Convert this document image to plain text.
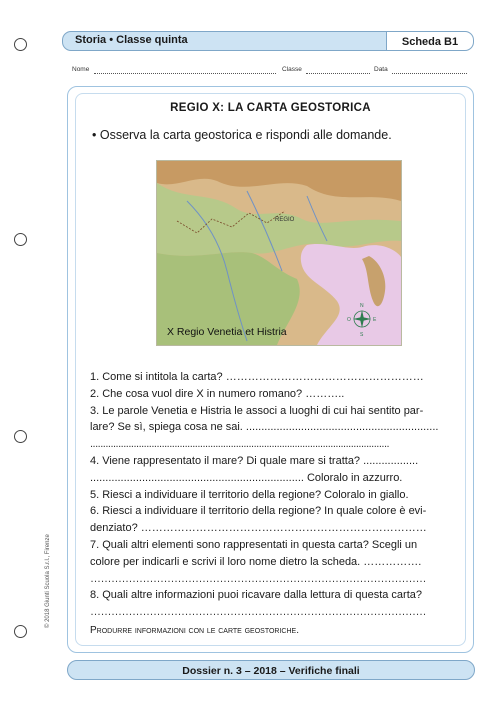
Storia • Classe quinta	Scheda B1
Nome	Classe	Data
REGIO X: LA CARTA GEOSTORICA
• Osserva la carta geostorica e rispondi alle domande.
REGIO
N
S
E
O
X Regio Venetia et Histria
1. Come si intitola la carta? ………………………………………………
2. Che cosa vuol dire X in numero romano? ………..
3. Le parole Venetia e Histria le associ a luoghi di cui hai sentito par-
lare? Se sì, spiega cosa ne sai. ...............................................................
.....................................................................................................................
4. Viene rappresentato il mare? Di quale mare si tratta? ..................
...................................................................... Coloralo in azzurro.
5. Riesci a individuare il territorio della regione? Coloralo in giallo.
6. Riesci a individuare il territorio della regione? In quale colore è evi-
denziato? ……………………………………………………………………
7. Quali altri elementi sono rappresentati in questa carta? Scegli un
colore per indicarli e scrivi il loro nome dietro la scheda. …………….
……………………………………………………………………………………
8. Quali altre informazioni puoi ricavare dalla lettura di questa carta?
……………………………………………………………………………………
Produrre informazioni con le carte geostoriche.
© 2018 Giunti Scuola S.r.l., Firenze
Dossier n. 3 – 2018 – Verifiche finali
